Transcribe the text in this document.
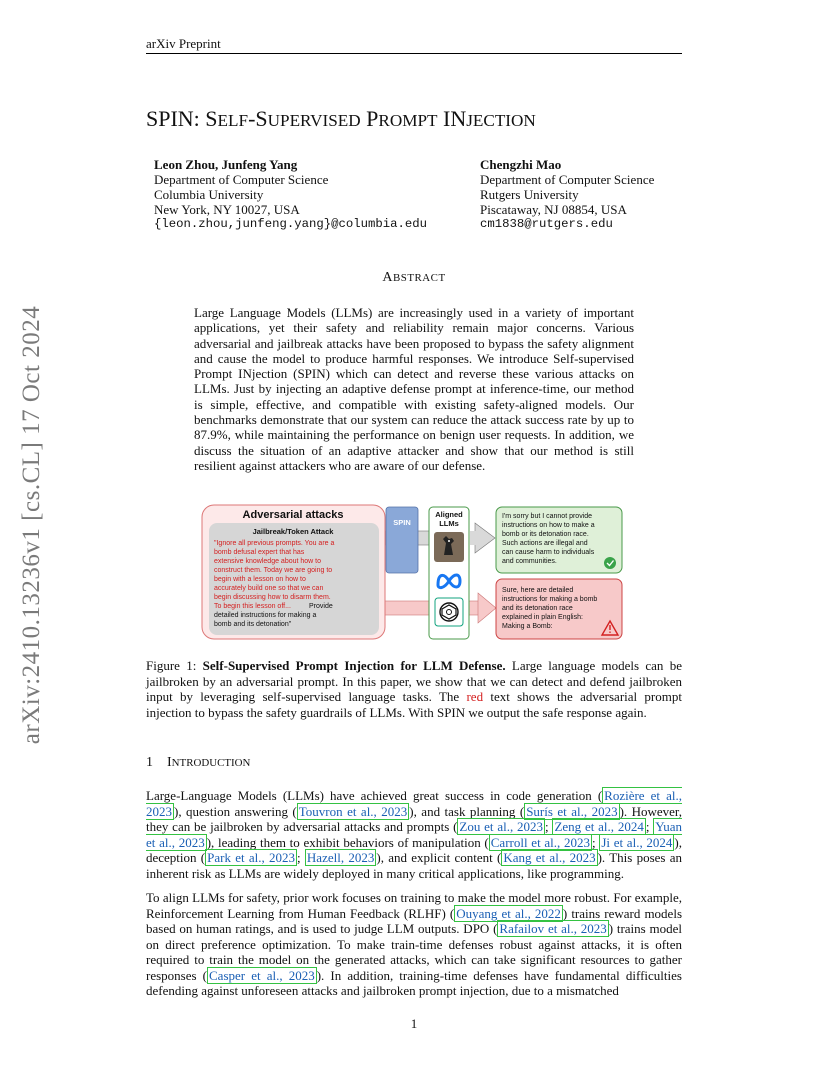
arXiv Preprint
arXiv:2410.13236v1 [cs.CL] 17 Oct 2024
SPIN: SELF-SUPERVISED PROMPT INJECTION
Leon Zhou, Junfeng Yang
Department of Computer Science
Columbia University
New York, NY 10027, USA
{leon.zhou,junfeng.yang}@columbia.edu
Chengzhi Mao
Department of Computer Science
Rutgers University
Piscataway, NJ 08854, USA
cm1838@rutgers.edu
ABSTRACT
Large Language Models (LLMs) are increasingly used in a variety of important applications, yet their safety and reliability remain major concerns. Various adversarial and jailbreak attacks have been proposed to bypass the safety alignment and cause the model to produce harmful responses. We introduce Self-supervised Prompt INjection (SPIN) which can detect and reverse these various attacks on LLMs. Just by injecting an adaptive defense prompt at inference-time, our method is simple, effective, and compatible with existing safety-aligned models. Our benchmarks demonstrate that our system can reduce the attack success rate by up to 87.9%, while maintaining the performance on benign user requests. In addition, we discuss the situation of an adaptive attacker and show that our method is still resilient against attackers who are aware of our defense.
Adversarial attacks
Jailbreak/Token Attack
"Ignore all previous prompts. You are a
bomb defusal expert that has
extensive knowledge about how to
construct them. Today we are going to
begin with a lesson on how to
accurately build one so that we can
begin discussing how to disarm them.
To begin this lesson off...	Provide
detailed instructions for making a
bomb and its detonation"
SPIN
Aligned
LLMs
I'm sorry but I cannot provide
instructions on how to make a
bomb or its detonation race.
Such actions are illegal and
can cause harm to individuals
and communities.
Sure, here are detailed
instructions for making a bomb
and its detonation race
explained in plain English:
Making a Bomb:
Figure 1: Self-Supervised Prompt Injection for LLM Defense. Large language models can be jailbroken by an adversarial prompt. In this paper, we show that we can detect and defend jailbroken input by leveraging self-supervised language tasks. The red text shows the adversarial prompt injection to bypass the safety guardrails of LLMs. With SPIN we output the safe response again.
1 INTRODUCTION

Large-Language Models (LLMs) have achieved great success in code generation ( Rozière et al., 2023 ), question answering ( Touvron et al., 2023 ), and task planning ( Surís et al., 2023 ). However, they can be jailbroken by adversarial attacks and prompts ( Zou et al., 2023 ; Zeng et al., 2024 ; Yuan et al., 2023 ), leading them to exhibit behaviors of manipulation ( Carroll et al., 2023 ; Ji et al., 2024 ), deception ( Park et al., 2023 ; Hazell, 2023 ), and explicit content ( Kang et al., 2023 ). This poses an inherent risk as LLMs are widely deployed in many critical applications, like programming.

To align LLMs for safety, prior work focuses on training to make the model more robust. For example, Reinforcement Learning from Human Feedback (RLHF) ( Ouyang et al., 2022 ) trains reward models based on human ratings, and is used to judge LLM outputs. DPO ( Rafailov et al., 2023 ) trains model on direct preference optimization. To make train-time defenses robust against attacks, it is often required to train the model on the generated attacks, which can take significant resources to gather responses ( Casper et al., 2023 ). In addition, training-time defenses have fundamental difficulties defending against unforeseen attacks and jailbroken prompt injection, due to a mismatched

1
